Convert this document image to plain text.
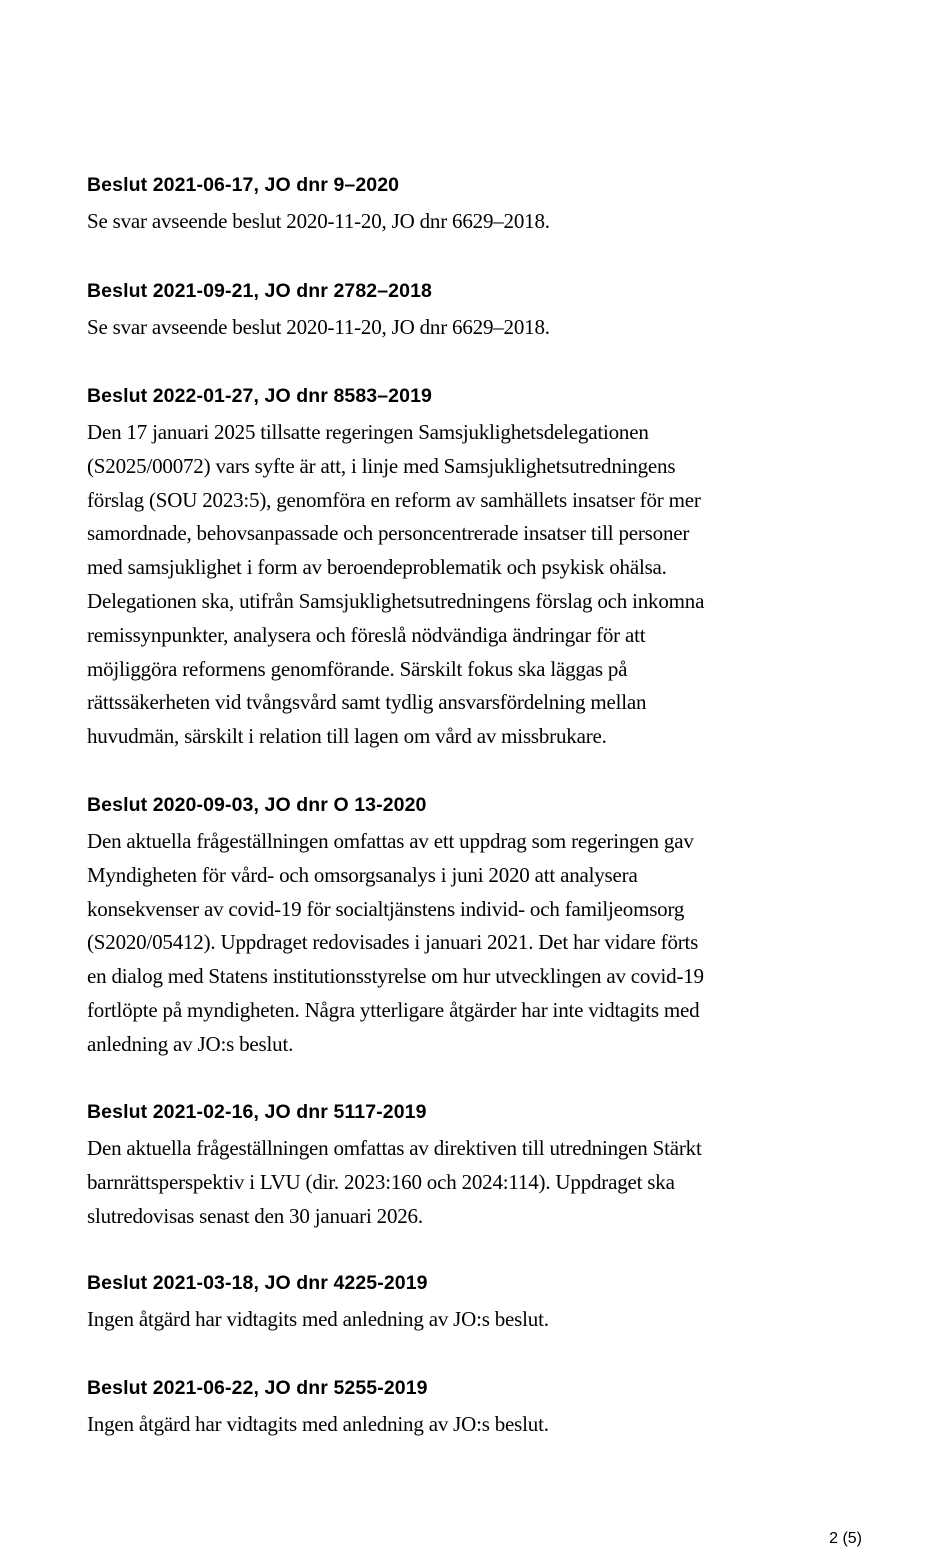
Beslut 2021-06-17, JO dnr 9–2020

Se svar avseende beslut 2020-11-20, JO dnr 6629–2018.

Beslut 2021-09-21, JO dnr 2782–2018

Se svar avseende beslut 2020-11-20, JO dnr 6629–2018.

Beslut 2022-01-27, JO dnr 8583–2019

Den 17 januari 2025 tillsatte regeringen Samsjuklighetsdelegationen
(S2025/00072) vars syfte är att, i linje med Samsjuklighetsutredningens
förslag (SOU 2023:5), genomföra en reform av samhällets insatser för mer
samordnade, behovsanpassade och personcentrerade insatser till personer
med samsjuklighet i form av beroendeproblematik och psykisk ohälsa.
Delegationen ska, utifrån Samsjuklighetsutredningens förslag och inkomna
remissynpunkter, analysera och föreslå nödvändiga ändringar för att
möjliggöra reformens genomförande. Särskilt fokus ska läggas på
rättssäkerheten vid tvångsvård samt tydlig ansvarsfördelning mellan
huvudmän, särskilt i relation till lagen om vård av missbrukare.

Beslut 2020-09-03, JO dnr O 13-2020

Den aktuella frågeställningen omfattas av ett uppdrag som regeringen gav
Myndigheten för vård- och omsorgsanalys i juni 2020 att analysera
konsekvenser av covid-19 för socialtjänstens individ- och familjeomsorg
(S2020/05412). Uppdraget redovisades i januari 2021. Det har vidare förts
en dialog med Statens institutionsstyrelse om hur utvecklingen av covid-19
fortlöpte på myndigheten. Några ytterligare åtgärder har inte vidtagits med
anledning av JO:s beslut.

Beslut 2021-02-16, JO dnr 5117-2019

Den aktuella frågeställningen omfattas av direktiven till utredningen Stärkt
barnrättsperspektiv i LVU (dir. 2023:160 och 2024:114). Uppdraget ska
slutredovisas senast den 30 januari 2026.

Beslut 2021-03-18, JO dnr 4225-2019

Ingen åtgärd har vidtagits med anledning av JO:s beslut.

Beslut 2021-06-22, JO dnr 5255-2019

Ingen åtgärd har vidtagits med anledning av JO:s beslut.

2 (5)
